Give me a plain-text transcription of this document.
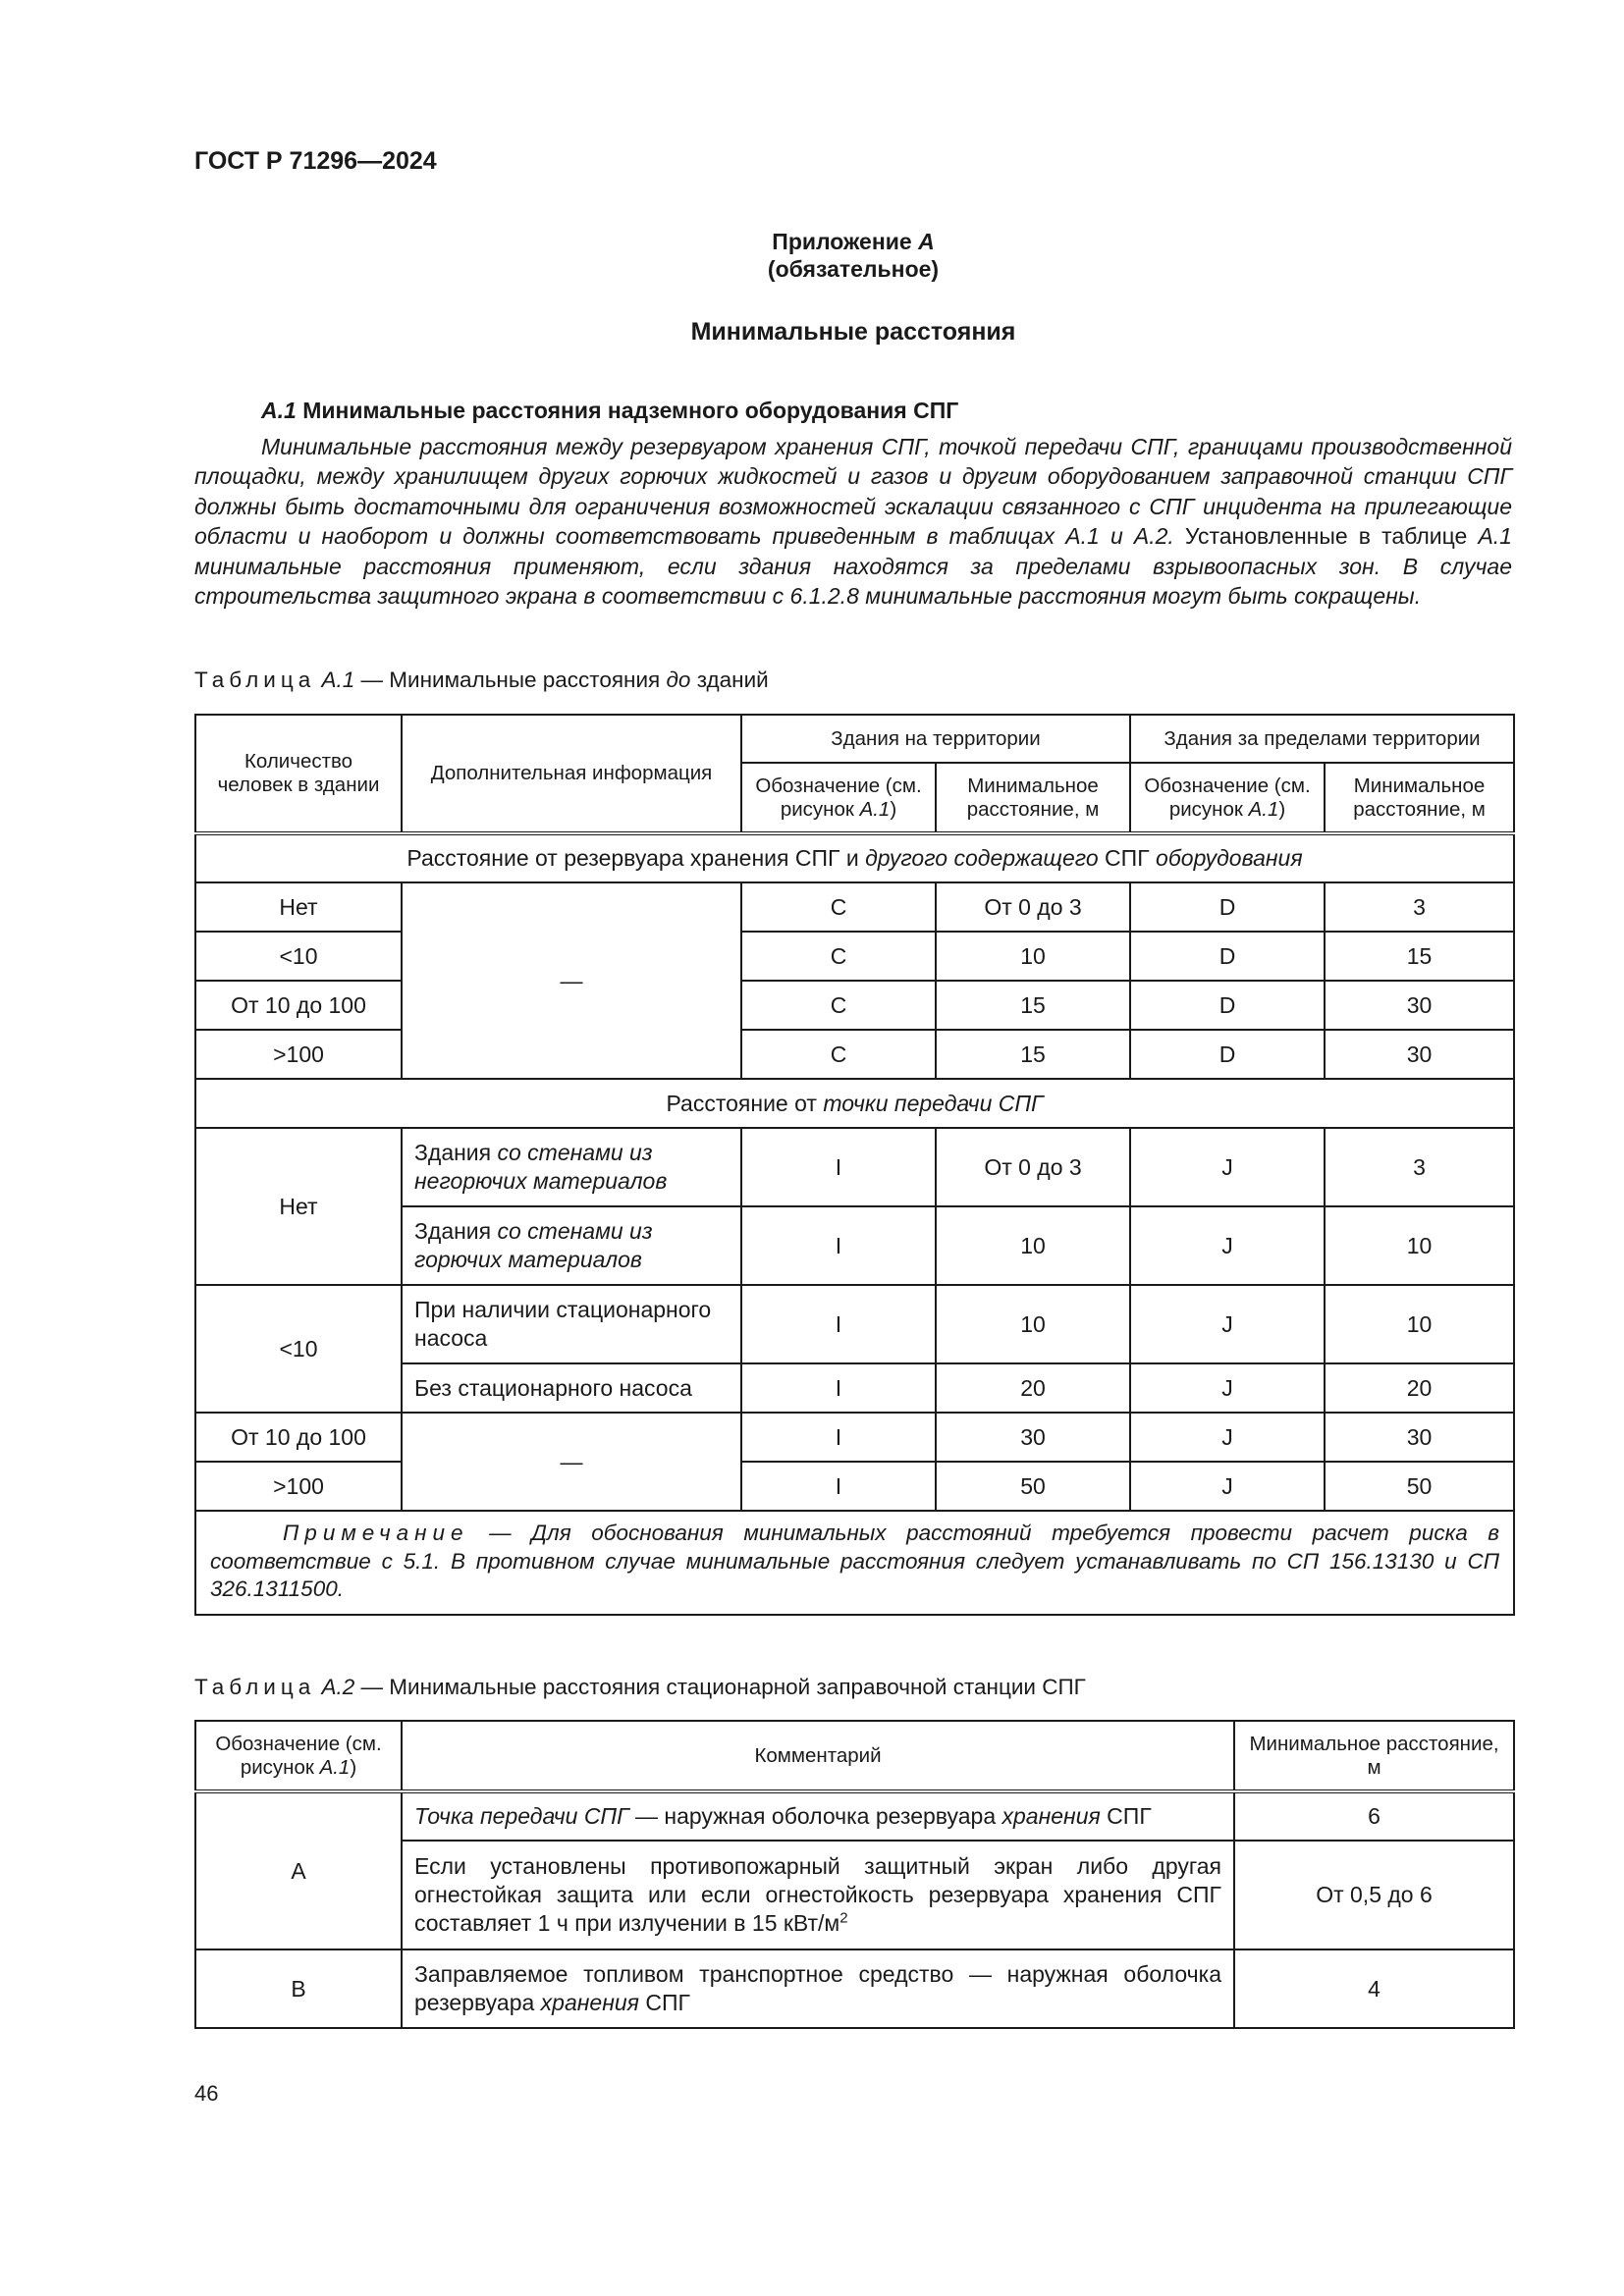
ГОСТ Р 71296—2024
Приложение А
(обязательное)
Минимальные расстояния
А.1 Минимальные расстояния надземного оборудования СПГ
Минимальные расстояния между резервуаром хранения СПГ, точкой передачи СПГ, границами производственной площадки, между хранилищем других горючих жидкостей и газов и другим оборудованием заправочной станции СПГ должны быть достаточными для ограничения возможностей эскалации связанного с СПГ инцидента на прилегающие области и наоборот и должны соответствовать приведенным в таблицах А.1 и А.2. Установленные в таблице А.1 минимальные расстояния применяют, если здания находятся за пределами взрывоопасных зон. В случае строительства защитного экрана в соответствии с 6.1.2.8 минимальные расстояния могут быть сокращены.
Таблица А.1 — Минимальные расстояния до зданий
Количество человек в здании	Дополнительная информация	Здания на территории		Здания за пределами территории	
		Обозначение (см. рисунок А.1)	Минимальное расстояние, м	Обозначение (см. рисунок А.1)	Минимальное расстояние, м
Расстояние от резервуара хранения СПГ и другого содержащего СПГ оборудования					
Нет	—	С	От 0 до 3	D	3
<10		С	10	D	15
От 10 до 100		С	15	D	30
>100		С	15	D	30
Расстояние от точки передачи СПГ					
Нет	Здания со стенами из негорючих материалов	I	От 0 до 3	J	3
	Здания со стенами из горючих материалов	I	10	J	10
<10	При наличии стационарного насоса	I	10	J	10
	Без стационарного насоса	I	20	J	20
От 10 до 100	—	I	30	J	30
>100		I	50	J	50
Примечание — Для обоснования минимальных расстояний требуется провести расчет риска в соответствие с 5.1. В противном случае минимальные расстояния следует устанавливать по СП 156.13130 и СП 326.1311500.					
Таблица А.2 — Минимальные расстояния стационарной заправочной станции СПГ
Обозначение (см. рисунок А.1)	Комментарий	Минимальное расстояние, м
А	Точка передачи СПГ — наружная оболочка резервуара хранения СПГ	6
	Если установлены противопожарный защитный экран либо другая огнестойкая защита или если огнестойкость резервуара хранения СПГ составляет 1 ч при излучении в 15 кВт/$м^2$	От 0,5 до 6
В	Заправляемое топливом транспортное средство — наружная оболочка резервуара хранения СПГ	4
46
